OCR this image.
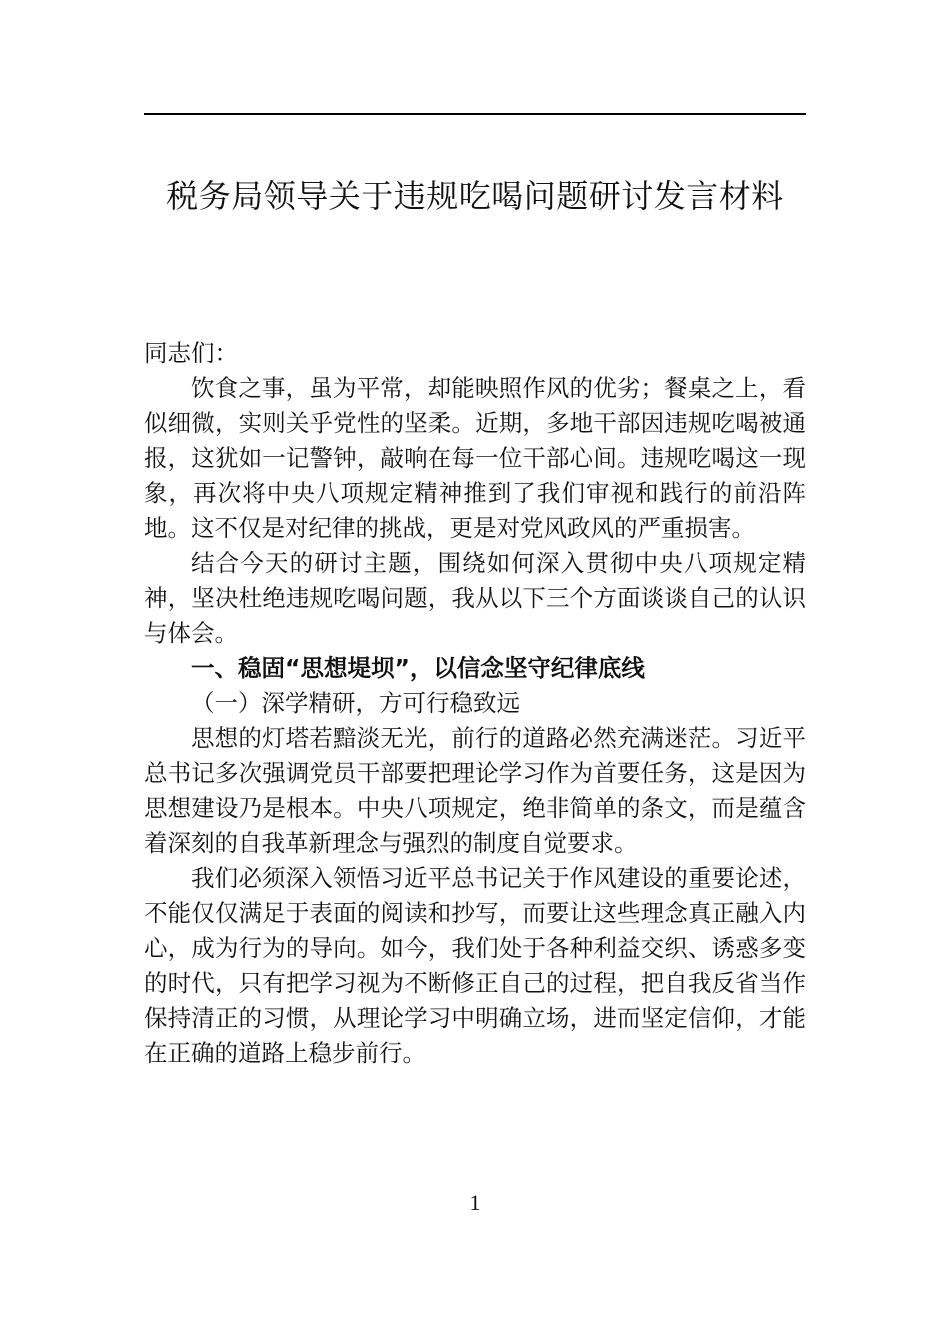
税务局领导关于违规吃喝问题研讨发言材料

同志们：

饮食之事，虽为平常，却能映照作风的优劣；餐桌之上，看似细微，实则关乎党性的坚柔。近期，多地干部因违规吃喝被通报，这犹如一记警钟，敲响在每一位干部心间。违规吃喝这一现象，再次将中央八项规定精神推到了我们审视和践行的前沿阵地。这不仅是对纪律的挑战，更是对党风政风的严重损害。

结合今天的研讨主题，围绕如何深入贯彻中央八项规定精神，坚决杜绝违规吃喝问题，我从以下三个方面谈谈自己的认识与体会。

一、稳固“思想堤坝”，以信念坚守纪律底线

（一）深学精研，方可行稳致远

思想的灯塔若黯淡无光，前行的道路必然充满迷茫。习近平总书记多次强调党员干部要把理论学习作为首要任务，这是因为思想建设乃是根本。中央八项规定，绝非简单的条文，而是蕴含着深刻的自我革新理念与强烈的制度自觉要求。

我们必须深入领悟习近平总书记关于作风建设的重要论述，不能仅仅满足于表面的阅读和抄写，而要让这些理念真正融入内心，成为行为的导向。如今，我们处于各种利益交织、诱惑多变的时代，只有把学习视为不断修正自己的过程，把自我反省当作保持清正的习惯，从理论学习中明确立场，进而坚定信仰，才能在正确的道路上稳步前行。

1
